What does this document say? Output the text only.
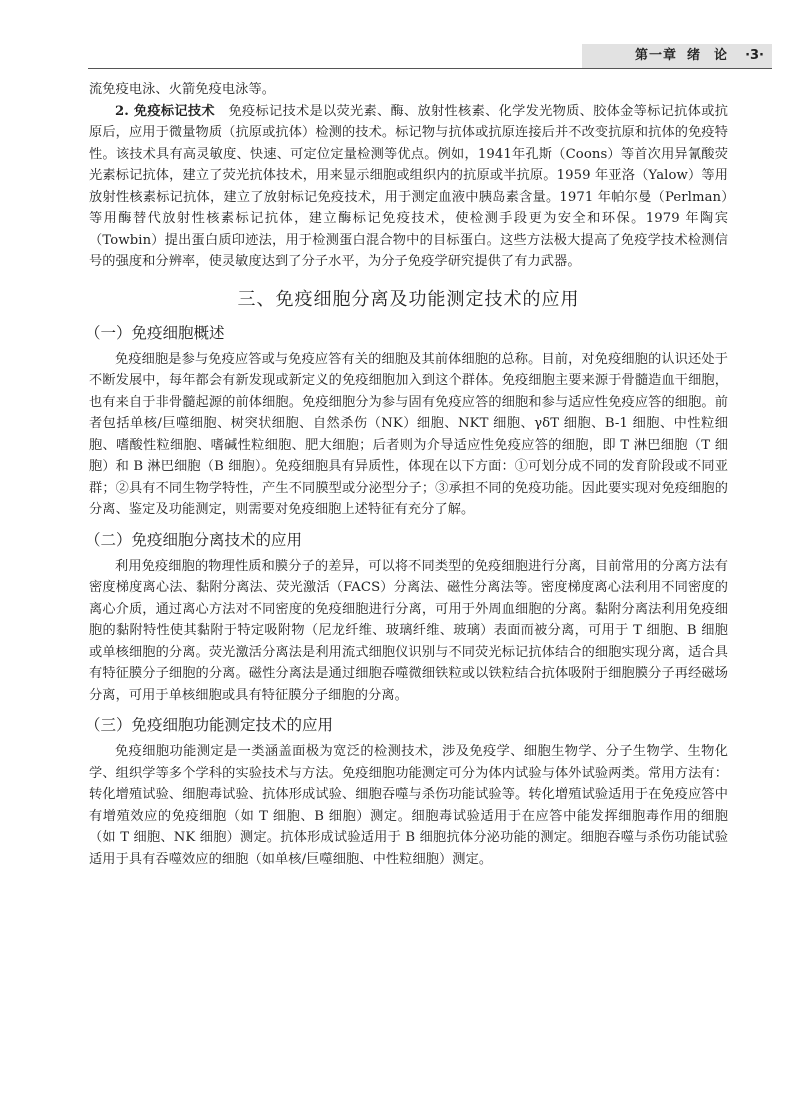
第一章 绪 论 ·3·

流免疫电泳、火箭免疫电泳等。

2. 免疫标记技术　 免疫标记技术是以荧光素、酶、放射性核素、化学发光物质、胶体金等标记抗体或抗原后，应用于微量物质（抗原或抗体）检测的技术。标记物与抗体或抗原连接后并不改变抗原和抗体的免疫特性。该技术具有高灵敏度、快速、可定位定量检测等优点。例如，1941年孔斯（Coons）等首次用异氰酸荧光素标记抗体，建立了荧光抗体技术，用来显示细胞或组织内的抗原或半抗原。1959 年亚洛（Yalow）等用放射性核素标记抗体，建立了放射标记免疫技术，用于测定血液中胰岛素含量。1971 年帕尔曼（Perlman）等用酶替代放射性核素标记抗体，建立酶标记免疫技术，使检测手段更为安全和环保。1979 年陶宾（Towbin）提出蛋白质印迹法，用于检测蛋白混合物中的目标蛋白。这些方法极大提高了免疫学技术检测信号的强度和分辨率，使灵敏度达到了分子水平，为分子免疫学研究提供了有力武器。

三、免疫细胞分离及功能测定技术的应用
（一）免疫细胞概述

免疫细胞是参与免疫应答或与免疫应答有关的细胞及其前体细胞的总称。目前，对免疫细胞的认识还处于不断发展中，每年都会有新发现或新定义的免疫细胞加入到这个群体。免疫细胞主要来源于骨髓造血干细胞，也有来自于非骨髓起源的前体细胞。免疫细胞分为参与固有免疫应答的细胞和参与适应性免疫应答的细胞。前者包括单核/巨噬细胞、树突状细胞、自然杀伤（NK）细胞、NKT 细胞、γδT 细胞、B-1 细胞、中性粒细胞、嗜酸性粒细胞、嗜碱性粒细胞、肥大细胞；后者则为介导适应性免疫应答的细胞，即 T 淋巴细胞（T 细胞）和 B 淋巴细胞（B 细胞）。免疫细胞具有异质性，体现在以下方面：①可划分成不同的发育阶段或不同亚群；②具有不同生物学特性，产生不同膜型或分泌型分子；③承担不同的免疫功能。因此要实现对免疫细胞的分离、鉴定及功能测定，则需要对免疫细胞上述特征有充分了解。

（二）免疫细胞分离技术的应用

利用免疫细胞的物理性质和膜分子的差异，可以将不同类型的免疫细胞进行分离，目前常用的分离方法有密度梯度离心法、黏附分离法、荧光激活（FACS）分离法、磁性分离法等。密度梯度离心法利用不同密度的离心介质，通过离心方法对不同密度的免疫细胞进行分离，可用于外周血细胞的分离。黏附分离法利用免疫细胞的黏附特性使其黏附于特定吸附物（尼龙纤维、玻璃纤维、玻璃）表面而被分离，可用于 T 细胞、B 细胞或单核细胞的分离。荧光激活分离法是利用流式细胞仪识别与不同荧光标记抗体结合的细胞实现分离，适合具有特征膜分子细胞的分离。磁性分离法是通过细胞吞噬微细铁粒或以铁粒结合抗体吸附于细胞膜分子再经磁场分离，可用于单核细胞或具有特征膜分子细胞的分离。

（三）免疫细胞功能测定技术的应用

免疫细胞功能测定是一类涵盖面极为宽泛的检测技术，涉及免疫学、细胞生物学、分子生物学、生物化学、组织学等多个学科的实验技术与方法。免疫细胞功能测定可分为体内试验与体外试验两类。常用方法有：转化增殖试验、细胞毒试验、抗体形成试验、细胞吞噬与杀伤功能试验等。转化增殖试验适用于在免疫应答中有增殖效应的免疫细胞（如 T 细胞、B 细胞）测定。细胞毒试验适用于在应答中能发挥细胞毒作用的细胞（如 T 细胞、NK 细胞）测定。抗体形成试验适用于 B 细胞抗体分泌功能的测定。细胞吞噬与杀伤功能试验适用于具有吞噬效应的细胞（如单核/巨噬细胞、中性粒细胞）测定。
